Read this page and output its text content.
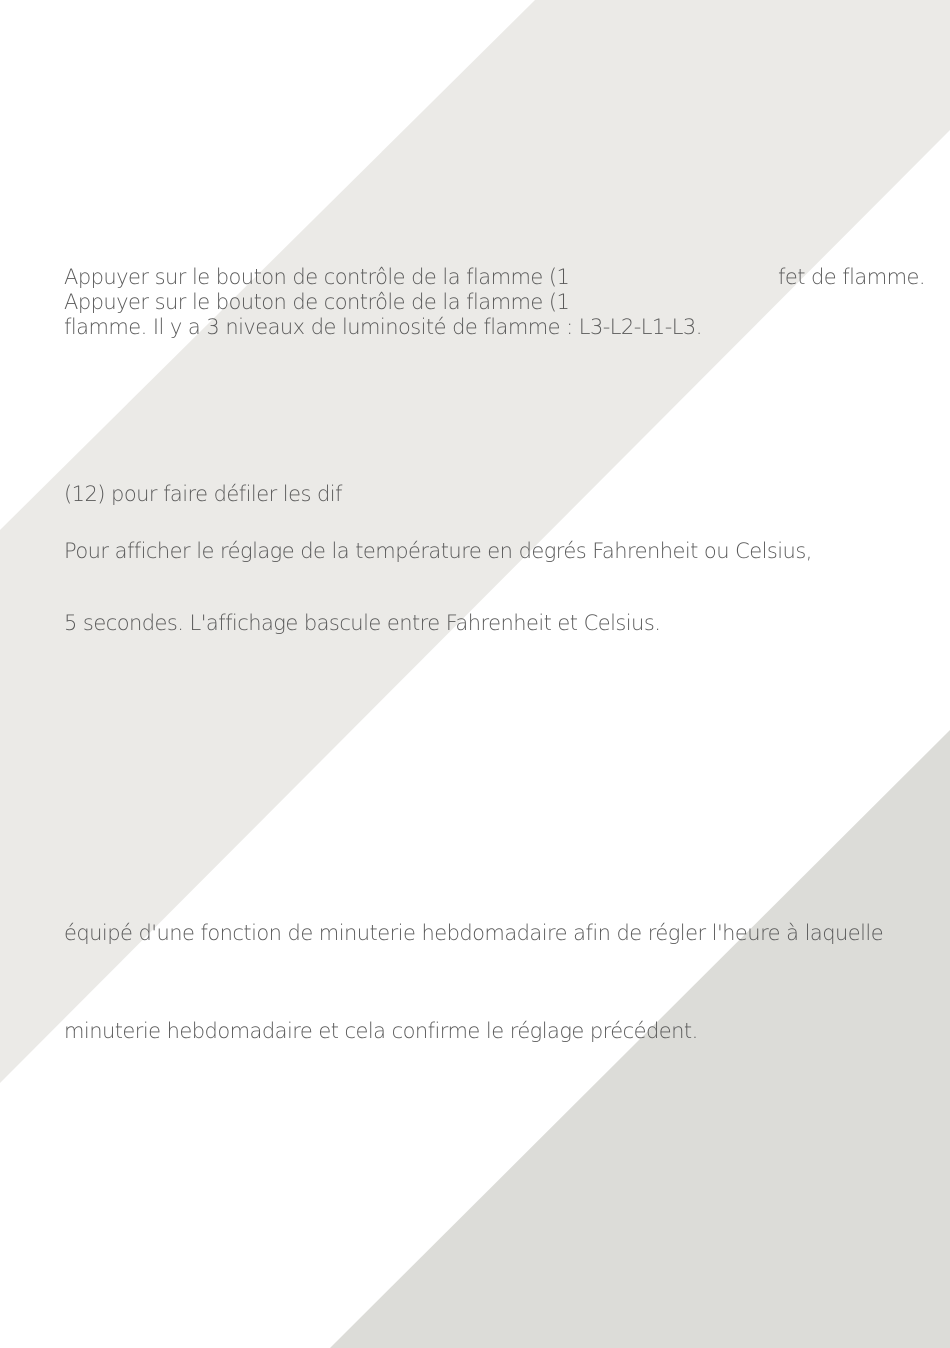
Appuyer sur le bouton de contrôle de la flamme (1	fet de flamme.
Appuyer sur le bouton de contrôle de la flamme (1
flamme. Il y a 3 niveaux de luminosité de flamme : L3-L2-L1-L3.
(12) pour faire défiler les dif
Pour afficher le réglage de la température en degrés Fahrenheit ou Celsius,
5 secondes. L'affichage bascule entre Fahrenheit et Celsius.
équipé d'une fonction de minuterie hebdomadaire afin de régler l'heure à laquelle
minuterie hebdomadaire et cela confirme le réglage précédent.
